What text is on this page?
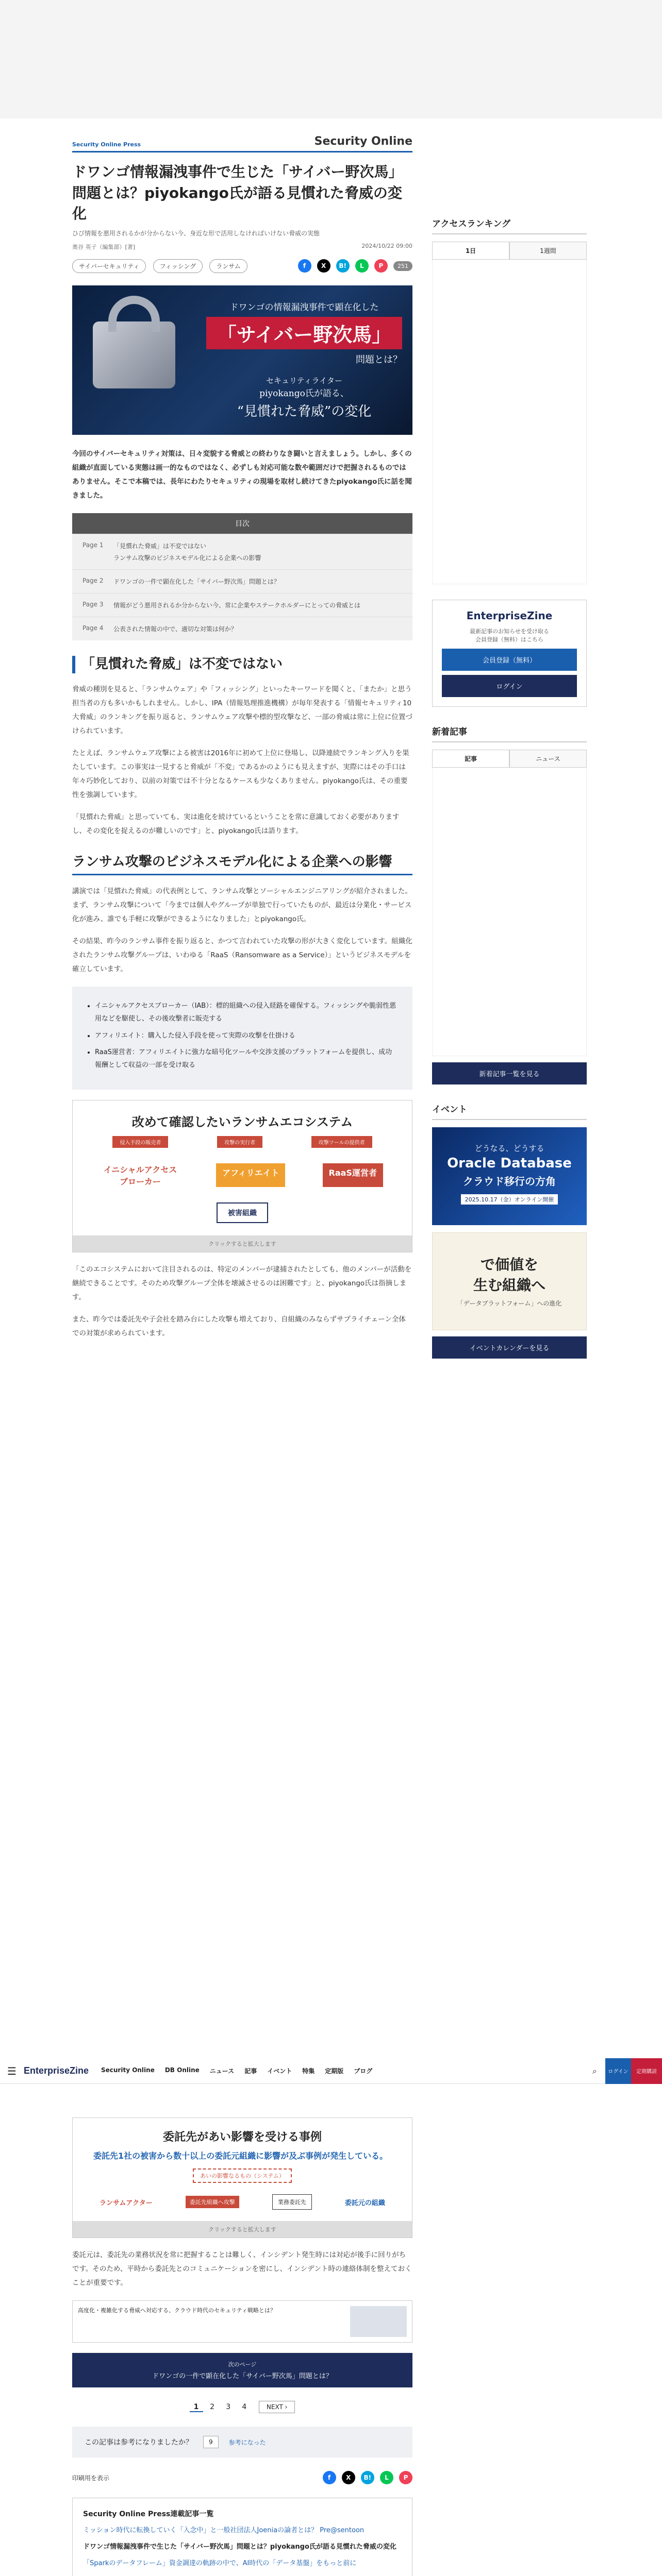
☰ EnterpriseZine Security Online DB Online ニュース 記事 イベント 特集 定期版 ブログ	⌕	ログイン	定期購読
Security Online Press	Security Online
ドワンゴ情報漏洩事件で生じた「サイバー野次馬」問題とは？piyokango氏が語る見慣れた脅威の変化
ひび情報を悪用されるかが分からない今、身近な形で活用しなければいけない脅威の実態
奥谷 英子（編集部）[著]	2024/10/22 09:00
サイバーセキュリティ	フィッシング	ランサム	f X B! L P	251
ドワンゴの情報漏洩事件で顕在化した
「サイバー野次馬」
問題とは？
セキュリティライター
piyokango氏が語る、
“見慣れた脅威”の変化

今回のサイバーセキュリティ対策は、日々変貌する脅威との終わりなき闘いと言えましょう。しかし、多くの組織が直面している実態は画一的なものではなく、必ずしも対応可能な数や範囲だけで把握されるものではありません。そこで本稿では、長年にわたりセキュリティの現場を取材し続けてきたpiyokango氏に話を聞きました。

目次
Page 1	「見慣れた脅威」は不変ではない
ランサム攻撃のビジネスモデル化による企業への影響
Page 2	ドワンゴの一件で顕在化した「サイバー野次馬」問題とは？
Page 3	情報がどう悪用されるか分からない今、常に企業やステークホルダーにとっての脅威とは
Page 4	公表された情報の中で、適切な対策は何か？
「見慣れた脅威」は不変ではない

脅威の種別を見ると、「ランサムウェア」や「フィッシング」といったキーワードを聞くと、「またか」と思う担当者の方も多いかもしれません。しかし、IPA（情報処理推進機構）が毎年発表する「情報セキュリティ10大脅威」のランキングを振り返ると、ランサムウェア攻撃や標的型攻撃など、一部の脅威は常に上位に位置づけられています。

たとえば、ランサムウェア攻撃による被害は2016年に初めて上位に登場し、以降連続でランキング入りを果たしています。この事実は一見すると脅威が「不変」であるかのようにも見えますが、実際にはその手口は年々巧妙化しており、以前の対策では不十分となるケースも少なくありません。piyokango氏は、その重要性を強調しています。

「見慣れた脅威」と思っていても、実は進化を続けているということを常に意識しておく必要がありますし、その変化を捉えるのが難しいのです」と、piyokango氏は語ります。

ランサム攻撃のビジネスモデル化による企業への影響

講演では「見慣れた脅威」の代表例として、ランサム攻撃とソーシャルエンジニアリングが紹介されました。まず、ランサム攻撃について「今までは個人やグループが単独で行っていたものが、最近は分業化・サービス化が進み、誰でも手軽に攻撃ができるようになりました」とpiyokango氏。

その結果、昨今のランサム事件を振り返ると、かつて言われていた攻撃の形が大きく変化しています。組織化されたランサム攻撃グループは、いわゆる「RaaS（Ransomware as a Service）」というビジネスモデルを確立しています。

• イニシャルアクセスブローカー（IAB）：標的組織への侵入経路を確保する。フィッシングや脆弱性悪用などを駆使し、その後攻撃者に販売する
• アフィリエイト：購入した侵入手段を使って実際の攻撃を仕掛ける
• RaaS運営者：アフィリエイトに強力な暗号化ツールや交渉支援のプラットフォームを提供し、成功報酬として収益の一部を受け取る
改めて確認したいランサムエコシステム
侵入手段の販売者	攻撃の実行者	攻撃ツールの提供者
イニシャルアクセスブローカー
アフィリエイト	RaaS運営者
被害組織
クリックすると拡大します

「このエコシステムにおいて注目されるのは、特定のメンバーが逮捕されたとしても、他のメンバーが活動を継続できることです。そのため攻撃グループ全体を壊滅させるのは困難です」と、piyokango氏は指摘します。

また、昨今では委託先や子会社を踏み台にした攻撃も増えており、自組織のみならずサプライチェーン全体での対策が求められています。

委託先があい影響を受ける事例
委託先1社の被害から数十以上の委託元組織に影響が及ぶ事例が発生している。
あいの影響なるもの（システム）
ランサムアクター	委託先組織へ攻撃	業務委託先	委託元の組織
クリックすると拡大します

委託元は、委託先の業務状況を常に把握することは難しく、インシデント発生時には対応が後手に回りがちです。そのため、平時から委託先とのコミュニケーションを密にし、インシデント時の連絡体制を整えておくことが重要です。

高度化・複雑化する脅威へ対応する、クラウド時代のセキュリティ戦略とは？
次のページ
ドワンゴの一件で顕在化した「サイバー野次馬」問題とは？
1 2 3 4	NEXT ›
この記事は参考になりましたか？	9	参考になった
印刷用を表示	f X B! L P
Security Online Press連載記事一覧
ミッション時代に転換していく「入念中」と一般社団法人Joeniaの論者とは？ Pre@sentoon
ドワンゴ情報漏洩事件で生じた「サイバー野次馬」問題とは？piyokango氏が語る見慣れた脅威の変化
「Sparkのデータフレーム」資金調達の軌跡の中で、AI時代の「データ基盤」をもっと前に
アクセスランキング
1日	1週間
EnterpriseZine
最新記事のお知らせを受け取る
会員登録（無料）はこちら
会員登録（無料）
ログイン
新着記事
記事	ニュース
新着記事一覧を見る
イベント
どうなる、どうする
Oracle Database
クラウド移行の方角
2025.10.17（金）オンライン開催
で価値を
生む組織へ
「データプラットフォーム」への進化
イベントカレンダーを見る
